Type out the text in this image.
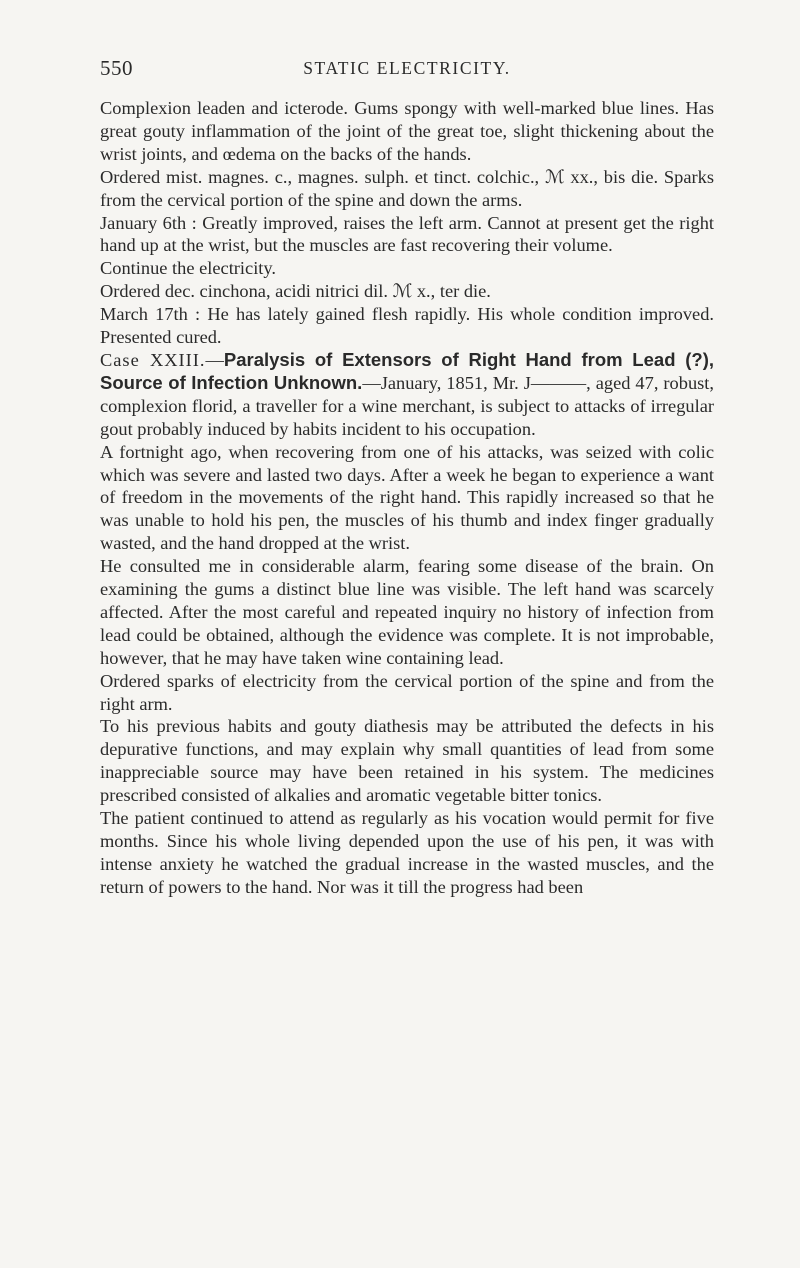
550	STATIC ELECTRICITY.

Complexion leaden and icterode. Gums spongy with well-marked blue lines. Has great gouty inflammation of the joint of the great toe, slight thickening about the wrist joints, and œdema on the backs of the hands.

Ordered mist. magnes. c., magnes. sulph. et tinct. colchic., ℳ xx., bis die. Sparks from the cervical portion of the spine and down the arms.

January 6th : Greatly improved, raises the left arm. Cannot at present get the right hand up at the wrist, but the muscles are fast recovering their volume.

Continue the electricity.

Ordered dec. cinchona, acidi nitrici dil. ℳ x., ter die.

March 17th : He has lately gained flesh rapidly. His whole condition improved. Presented cured.

Case XXIII.—Paralysis of Extensors of Right Hand from Lead (?), Source of Infection Unknown.—January, 1851, Mr. J———, aged 47, robust, complexion florid, a traveller for a wine merchant, is subject to attacks of irregular gout probably induced by habits incident to his occupation.

A fortnight ago, when recovering from one of his attacks, was seized with colic which was severe and lasted two days. After a week he began to experience a want of freedom in the movements of the right hand. This rapidly increased so that he was unable to hold his pen, the muscles of his thumb and index finger gradually wasted, and the hand dropped at the wrist.

He consulted me in considerable alarm, fearing some disease of the brain. On examining the gums a distinct blue line was visible. The left hand was scarcely affected. After the most careful and repeated inquiry no history of infection from lead could be obtained, although the evidence was complete. It is not improbable, however, that he may have taken wine containing lead.

Ordered sparks of electricity from the cervical portion of the spine and from the right arm.

To his previous habits and gouty diathesis may be attributed the defects in his depurative functions, and may explain why small quantities of lead from some inappreciable source may have been retained in his system. The medicines prescribed consisted of alkalies and aromatic vegetable bitter tonics.

The patient continued to attend as regularly as his vocation would permit for five months. Since his whole living depended upon the use of his pen, it was with intense anxiety he watched the gradual increase in the wasted muscles, and the return of powers to the hand. Nor was it till the progress had been
